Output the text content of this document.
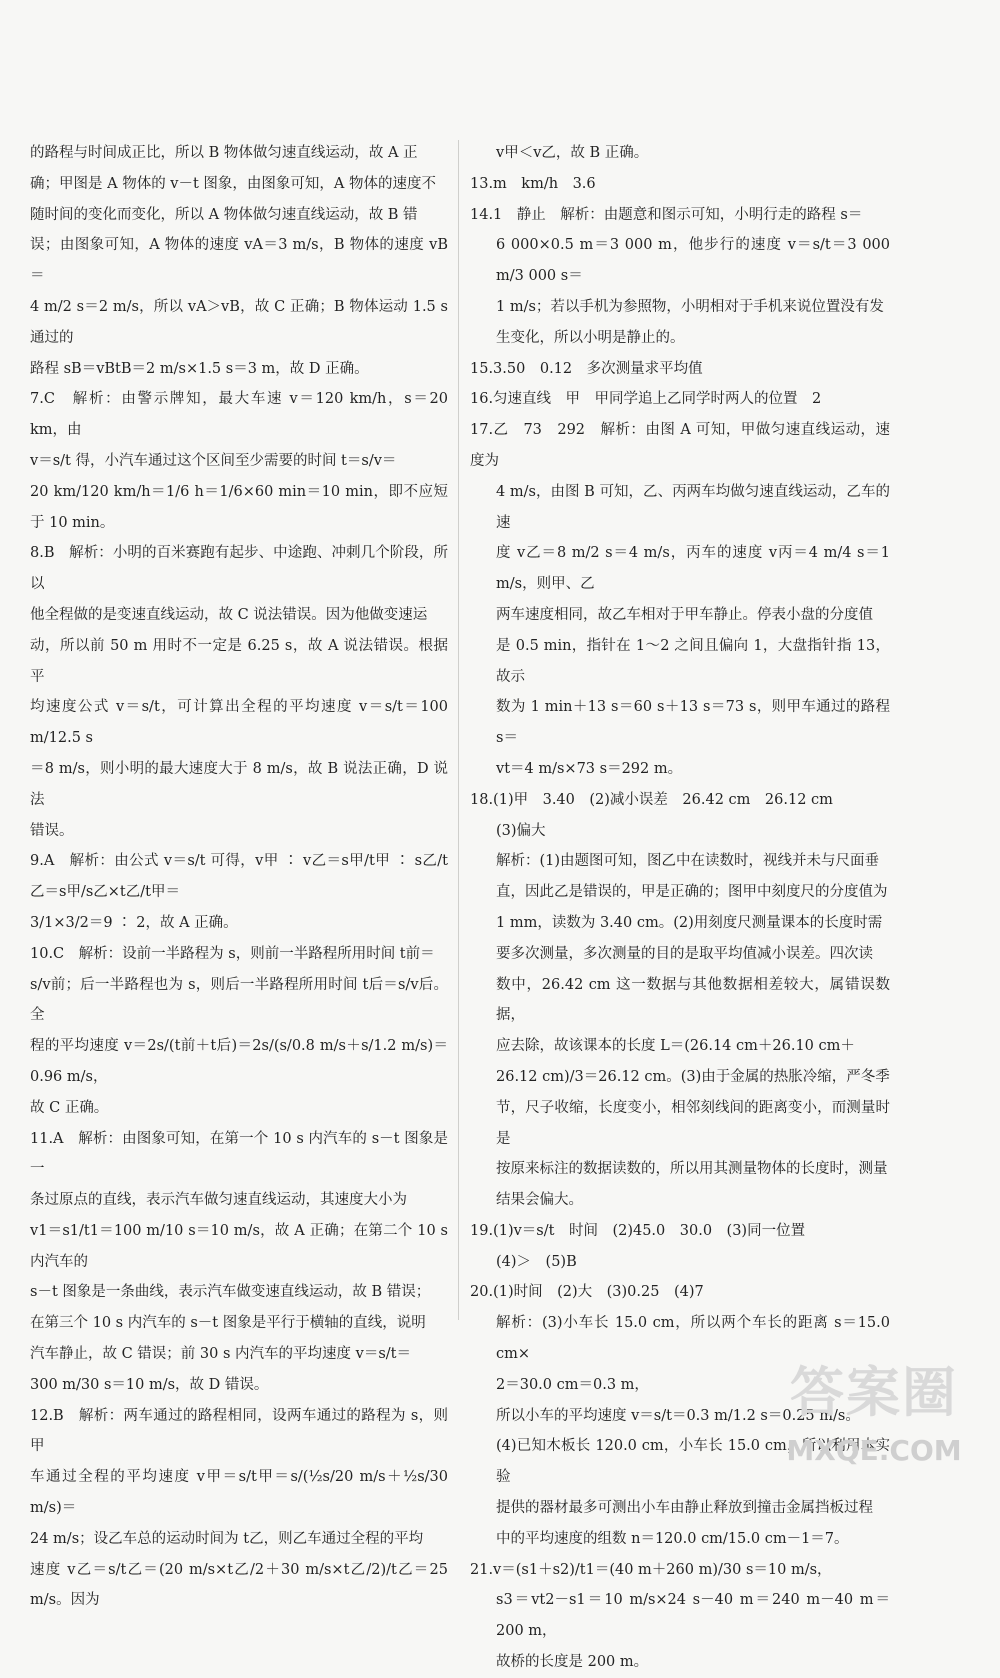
的路程与时间成正比，所以 B 物体做匀速直线运动，故 A 正

确；甲图是 A 物体的 v－t 图象，由图象可知，A 物体的速度不

随时间的变化而变化，所以 A 物体做匀速直线运动，故 B 错

误；由图象可知，A 物体的速度 vA＝3 m/s，B 物体的速度 vB＝

4 m/2 s＝2 m/s，所以 vA＞vB，故 C 正确；B 物体运动 1.5 s 通过的

路程 sB＝vBtB＝2 m/s×1.5 s＝3 m，故 D 正确。

7.C　解析：由警示牌知，最大车速 v＝120 km/h，s＝20 km，由

v＝s/t 得，小汽车通过这个区间至少需要的时间 t＝s/v＝

20 km/120 km/h＝1/6 h＝1/6×60 min＝10 min，即不应短于 10 min。

8.B　解析：小明的百米赛跑有起步、中途跑、冲刺几个阶段，所以

他全程做的是变速直线运动，故 C 说法错误。因为他做变速运

动，所以前 50 m 用时不一定是 6.25 s，故 A 说法错误。根据平

均速度公式 v＝s/t，可计算出全程的平均速度 v＝s/t＝100 m/12.5 s

＝8 m/s，则小明的最大速度大于 8 m/s，故 B 说法正确，D 说法

错误。

9.A　解析：由公式 v＝s/t 可得，v甲 ∶ v乙＝s甲/t甲 ∶ s乙/t乙＝s甲/s乙×t乙/t甲＝

3/1×3/2＝9 ∶ 2，故 A 正确。

10.C　解析：设前一半路程为 s，则前一半路程所用时间 t前＝

s/v前；后一半路程也为 s，则后一半路程所用时间 t后＝s/v后。全

程的平均速度 v＝2s/(t前＋t后)＝2s/(s/0.8 m/s＋s/1.2 m/s)＝0.96 m/s，

故 C 正确。

11.A　解析：由图象可知，在第一个 10 s 内汽车的 s－t 图象是一

条过原点的直线，表示汽车做匀速直线运动，其速度大小为

v1＝s1/t1＝100 m/10 s＝10 m/s，故 A 正确；在第二个 10 s 内汽车的

s－t 图象是一条曲线，表示汽车做变速直线运动，故 B 错误；

在第三个 10 s 内汽车的 s－t 图象是平行于横轴的直线，说明

汽车静止，故 C 错误；前 30 s 内汽车的平均速度 v＝s/t＝

300 m/30 s＝10 m/s，故 D 错误。

12.B　解析：两车通过的路程相同，设两车通过的路程为 s，则甲

车通过全程的平均速度 v甲＝s/t甲＝s/(½s/20 m/s＋½s/30 m/s)＝

24 m/s；设乙车总的运动时间为 t乙，则乙车通过全程的平均

速度 v乙＝s/t乙＝(20 m/s×t乙/2＋30 m/s×t乙/2)/t乙＝25 m/s。因为

v甲＜v乙，故 B 正确。

13.m　km/h　3.6

14.1　静止　解析：由题意和图示可知，小明行走的路程 s＝

6 000×0.5 m＝3 000 m，他步行的速度 v＝s/t＝3 000 m/3 000 s＝

1 m/s；若以手机为参照物，小明相对于手机来说位置没有发

生变化，所以小明是静止的。

15.3.50　0.12　多次测量求平均值

16.匀速直线　甲　甲同学追上乙同学时两人的位置　2

17.乙　73　292　解析：由图 A 可知，甲做匀速直线运动，速度为

4 m/s，由图 B 可知，乙、丙两车均做匀速直线运动，乙车的速

度 v乙＝8 m/2 s＝4 m/s，丙车的速度 v丙＝4 m/4 s＝1 m/s，则甲、乙

两车速度相同，故乙车相对于甲车静止。停表小盘的分度值

是 0.5 min，指针在 1～2 之间且偏向 1，大盘指针指 13，故示

数为 1 min＋13 s＝60 s＋13 s＝73 s，则甲车通过的路程 s＝

vt＝4 m/s×73 s＝292 m。

18.(1)甲　3.40　(2)减小误差　26.42 cm　26.12 cm

(3)偏大

解析：(1)由题图可知，图乙中在读数时，视线并未与尺面垂

直，因此乙是错误的，甲是正确的；图甲中刻度尺的分度值为

1 mm，读数为 3.40 cm。(2)用刻度尺测量课本的长度时需

要多次测量，多次测量的目的是取平均值减小误差。四次读

数中，26.42 cm 这一数据与其他数据相差较大，属错误数据，

应去除，故该课本的长度 L＝(26.14 cm＋26.10 cm＋

26.12 cm)/3＝26.12 cm。(3)由于金属的热胀冷缩，严冬季

节，尺子收缩，长度变小，相邻刻线间的距离变小，而测量时是

按原来标注的数据读数的，所以用其测量物体的长度时，测量

结果会偏大。

19.(1)v＝s/t　时间　(2)45.0　30.0　(3)同一位置

(4)＞　(5)B

20.(1)时间　(2)大　(3)0.25　(4)7

解析：(3)小车长 15.0 cm，所以两个车长的距离 s＝15.0 cm×

2＝30.0 cm＝0.3 m，

所以小车的平均速度 v＝s/t＝0.3 m/1.2 s＝0.25 m/s。

(4)已知木板长 120.0 cm，小车长 15.0 cm，所以利用本实验

提供的器材最多可测出小车由静止释放到撞击金属挡板过程

中的平均速度的组数 n＝120.0 cm/15.0 cm－1＝7。

21.v＝(s1＋s2)/t1＝(40 m＋260 m)/30 s＝10 m/s，

s3＝vt2－s1＝10 m/s×24 s－40 m＝240 m－40 m＝200 m，

故桥的长度是 200 m。

答案圈
MXQE.COM
